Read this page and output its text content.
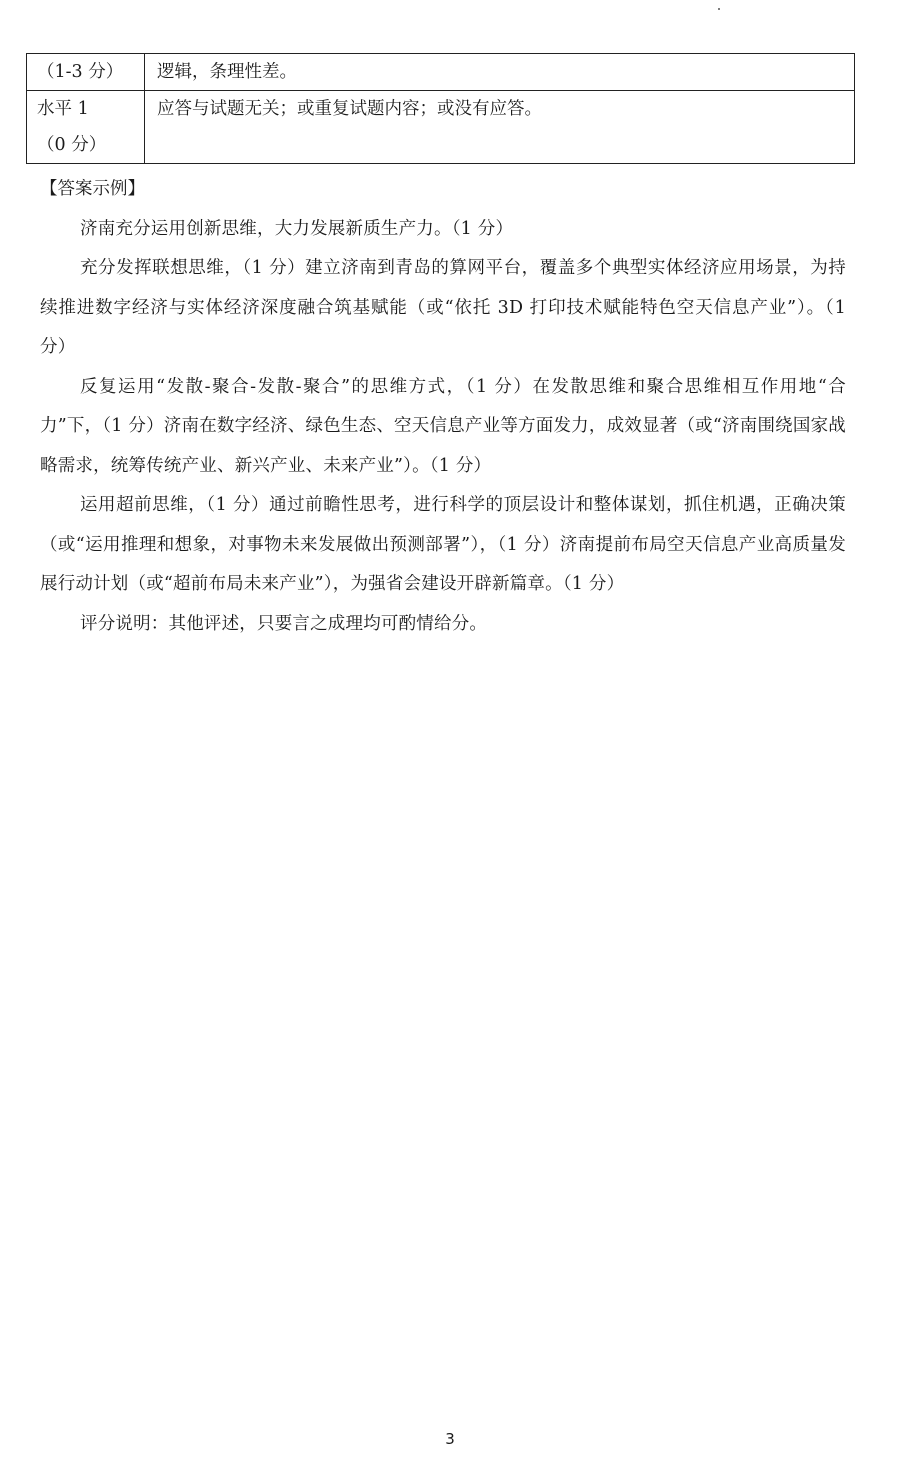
（1-3 分）	逻辑，条理性差。

水平 1
（0 分）	应答与试题无关；或重复试题内容；或没有应答。

【答案示例】

济南充分运用创新思维，大力发展新质生产力。（1 分）

充分发挥联想思维，（1 分）建立济南到青岛的算网平台，覆盖多个典型实体经济应用场景，为持续推进数字经济与实体经济深度融合筑基赋能（或“依托 3D 打印技术赋能特色空天信息产业”）。（1 分）

反复运用“发散-聚合-发散-聚合”的思维方式，（1 分）在发散思维和聚合思维相互作用地“合力”下，（1 分）济南在数字经济、绿色生态、空天信息产业等方面发力，成效显著（或“济南围绕国家战略需求，统筹传统产业、新兴产业、未来产业”）。（1 分）

运用超前思维，（1 分）通过前瞻性思考，进行科学的顶层设计和整体谋划，抓住机遇，正确决策（或“运用推理和想象，对事物未来发展做出预测部署”），（1 分）济南提前布局空天信息产业高质量发展行动计划（或“超前布局未来产业”），为强省会建设开辟新篇章。（1 分）

评分说明：其他评述，只要言之成理均可酌情给分。

3
